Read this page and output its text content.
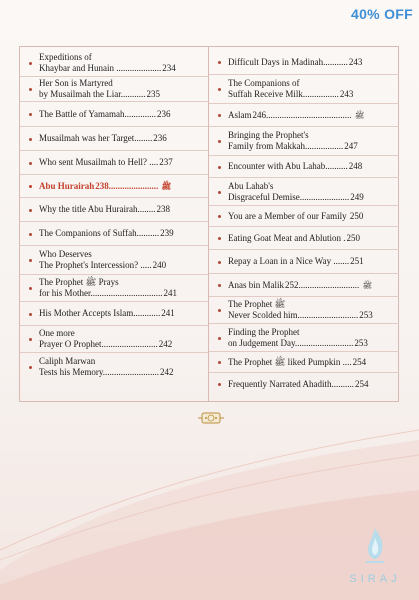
40% OFF
Expeditions of
Khaybar and Hunain ....................234
Her Son is Martyred
by Musailmah the Liar...........235
The Battle of Yamamah..............236
Musailmah was her Target........236
Who sent Musailmah to Hell? ....237
Abu Hurairah	ﷺ ......................238
Why the title Abu Hurairah........238
The Companions of Suffah..........239
Who Deserves
The Prophet's Intercession? .....240
The Prophet ﷺ Prays
for his Mother................................241
His Mother Accepts Islam............241
One more
Prayer O Prophet.........................242
Caliph Marwan
Tests his Memory.........................242
Difficult Days in Madinah...........243
The Companions of
Suffah Receive Milk................243
Aslam	ﷺ ......................................246
Bringing the Prophet's
Family from Makkah.................247
Encounter with Abu Lahab..........248
Abu Lahab's
Disgraceful Demise......................249
You are a Member of our Family 250
Eating Goat Meat and Ablution .250
Repay a Loan in a Nice Way .......251
Anas bin Malik	ﷺ ...........................252
The Prophet ﷺ
Never Scolded him...........................253
Finding the Prophet
on Judgement Day..........................253
The Prophet ﷺ liked Pumpkin ....254
Frequently Narrated Ahadith..........254
SIRAJ
